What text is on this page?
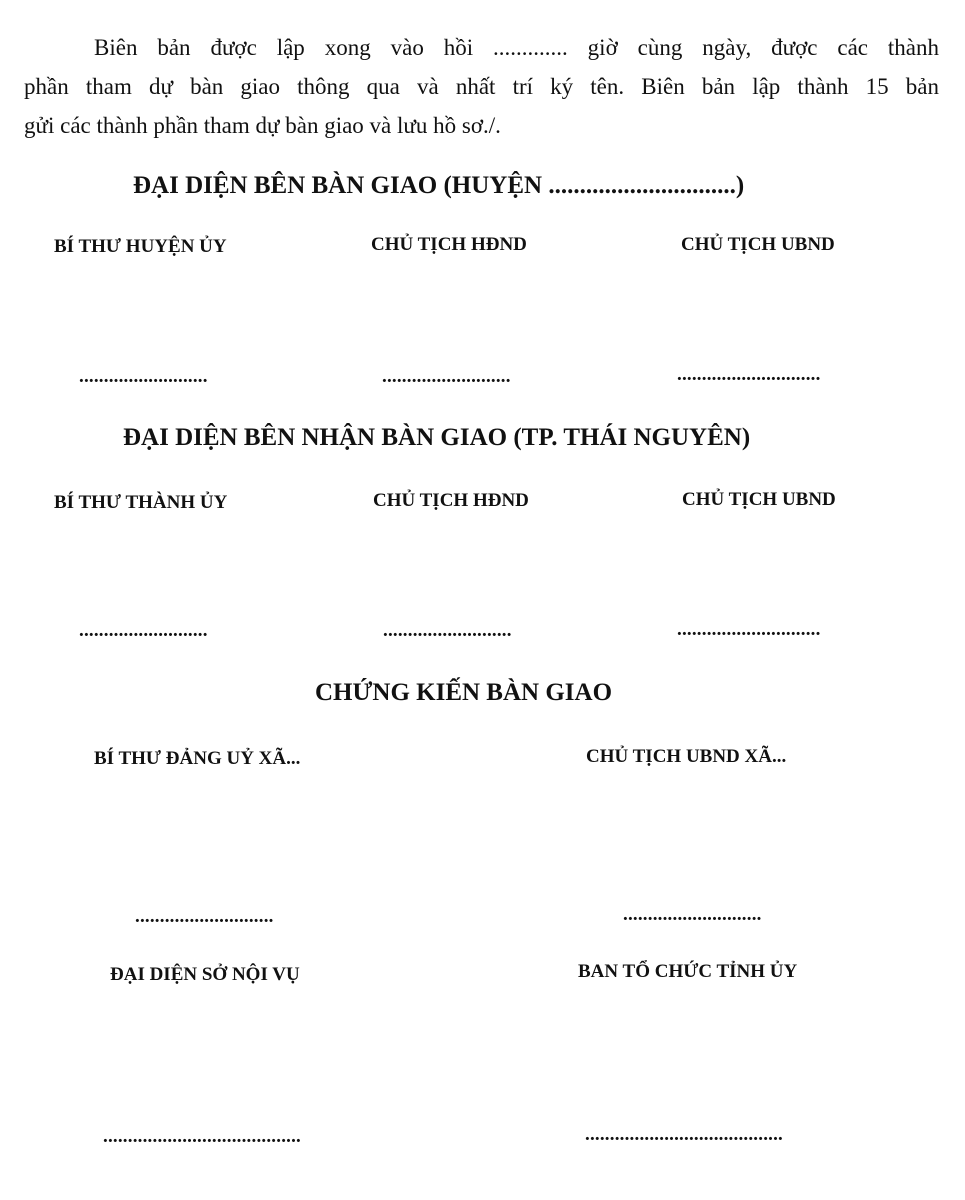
Biên bản được lập xong vào hồi ............. giờ cùng ngày, được các thành
phần tham dự bàn giao thông qua và nhất trí ký tên. Biên bản lập thành 15 bản
gửi các thành phần tham dự bàn giao và lưu hồ sơ./.

ĐẠI DIỆN BÊN BÀN GIAO (HUYỆN ..............................)
BÍ THƯ HUYỆN ỦY	CHỦ TỊCH HĐND	CHỦ TỊCH UBND
..........................	..........................	.............................
ĐẠI DIỆN BÊN NHẬN BÀN GIAO (TP. THÁI NGUYÊN)
BÍ THƯ THÀNH ỦY	CHỦ TỊCH HĐND	CHỦ TỊCH UBND
..........................	..........................	.............................
CHỨNG KIẾN BÀN GIAO
BÍ THƯ ĐẢNG UỶ XÃ...	CHỦ TỊCH UBND XÃ...
............................	............................
ĐẠI DIỆN SỞ NỘI VỤ	BAN TỔ CHỨC TỈNH ỦY
........................................	........................................
